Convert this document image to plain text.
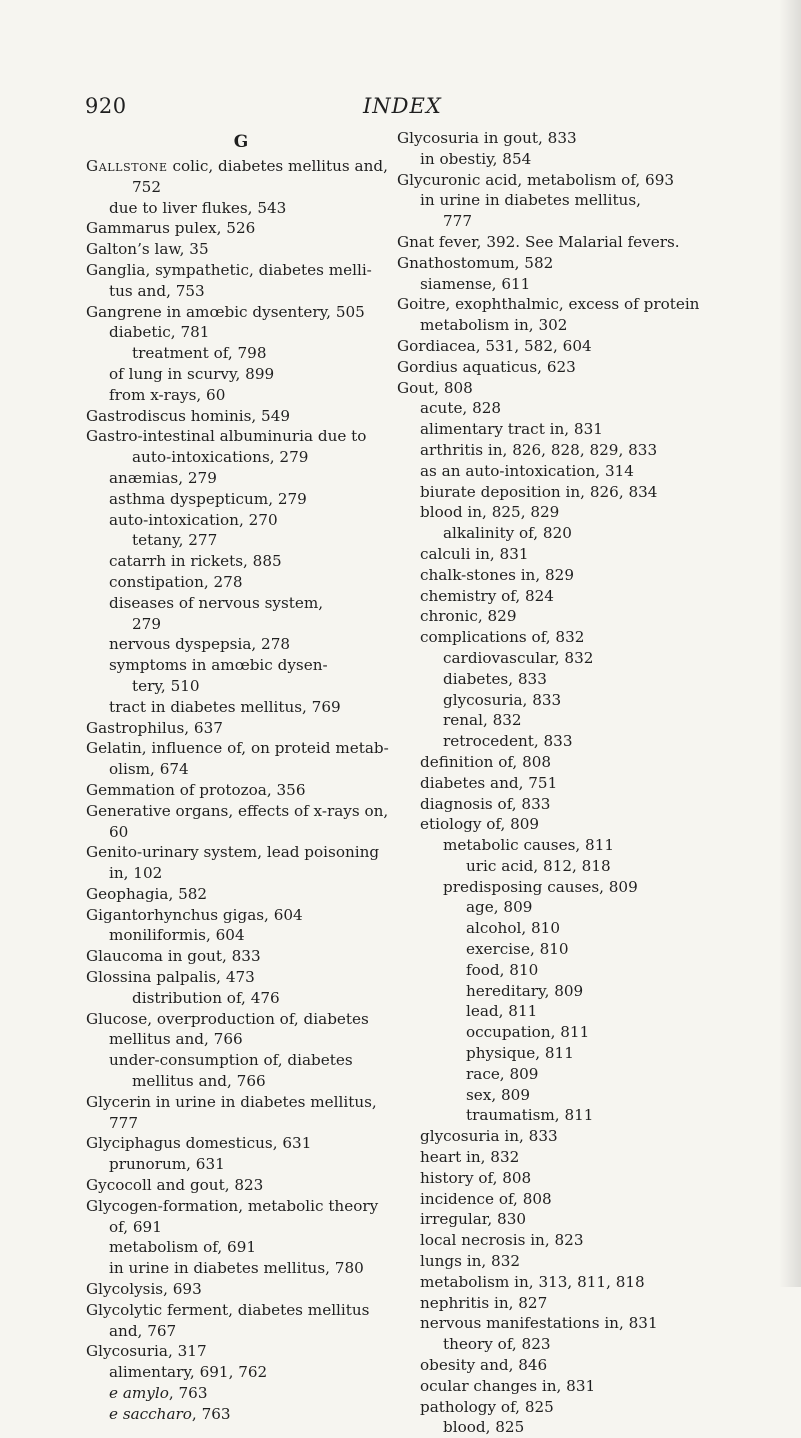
920	INDEX
G
Gallstone colic, diabetes mellitus and,
752
due to liver flukes, 543
Gammarus pulex, 526
Galton’s law, 35
Ganglia, sympathetic, diabetes melli-
tus and, 753
Gangrene in amœbic dysentery, 505
diabetic, 781
treatment of, 798
of lung in scurvy, 899
from x-rays, 60
Gastrodiscus hominis, 549
Gastro-intestinal albuminuria due to
auto-intoxications, 279
anæmias, 279
asthma dyspepticum, 279
auto-intoxication, 270
tetany, 277
catarrh in rickets, 885
constipation, 278
diseases of nervous system,
279
nervous dyspepsia, 278
symptoms in amœbic dysen-
tery, 510
tract in diabetes mellitus, 769
Gastrophilus, 637
Gelatin, influence of, on proteid metab-
olism, 674
Gemmation of protozoa, 356
Generative organs, effects of x-rays on,
60
Genito-urinary system, lead poisoning
in, 102
Geophagia, 582
Gigantorhynchus gigas, 604
moniliformis, 604
Glaucoma in gout, 833
Glossina palpalis, 473
distribution of, 476
Glucose, overproduction of, diabetes
mellitus and, 766
under-consumption of, diabetes
mellitus and, 766
Glycerin in urine in diabetes mellitus,
777
Glyciphagus domesticus, 631
prunorum, 631
Gycocoll and gout, 823
Glycogen-formation, metabolic theory
of, 691
metabolism of, 691
in urine in diabetes mellitus, 780
Glycolysis, 693
Glycolytic ferment, diabetes mellitus
and, 767
Glycosuria, 317
alimentary, 691, 762
e amylo, 763
e saccharo, 763
Glycosuria in gout, 833
in obestiy, 854
Glycuronic acid, metabolism of, 693
in urine in diabetes mellitus,
777
Gnat fever, 392. See Malarial fevers.
Gnathostomum, 582
siamense, 611
Goitre, exophthalmic, excess of protein
metabolism in, 302
Gordiacea, 531, 582, 604
Gordius aquaticus, 623
Gout, 808
acute, 828
alimentary tract in, 831
arthritis in, 826, 828, 829, 833
as an auto-intoxication, 314
biurate deposition in, 826, 834
blood in, 825, 829
alkalinity of, 820
calculi in, 831
chalk-stones in, 829
chemistry of, 824
chronic, 829
complications of, 832
cardiovascular, 832
diabetes, 833
glycosuria, 833
renal, 832
retrocedent, 833
definition of, 808
diabetes and, 751
diagnosis of, 833
etiology of, 809
metabolic causes, 811
uric acid, 812, 818
predisposing causes, 809
age, 809
alcohol, 810
exercise, 810
food, 810
hereditary, 809
lead, 811
occupation, 811
physique, 811
race, 809
sex, 809
traumatism, 811
glycosuria in, 833
heart in, 832
history of, 808
incidence of, 808
irregular, 830
local necrosis in, 823
lungs in, 832
metabolism in, 313, 811, 818
nephritis in, 827
nervous manifestations in, 831
theory of, 823
obesity and, 846
ocular changes in, 831
pathology of, 825
blood, 825
